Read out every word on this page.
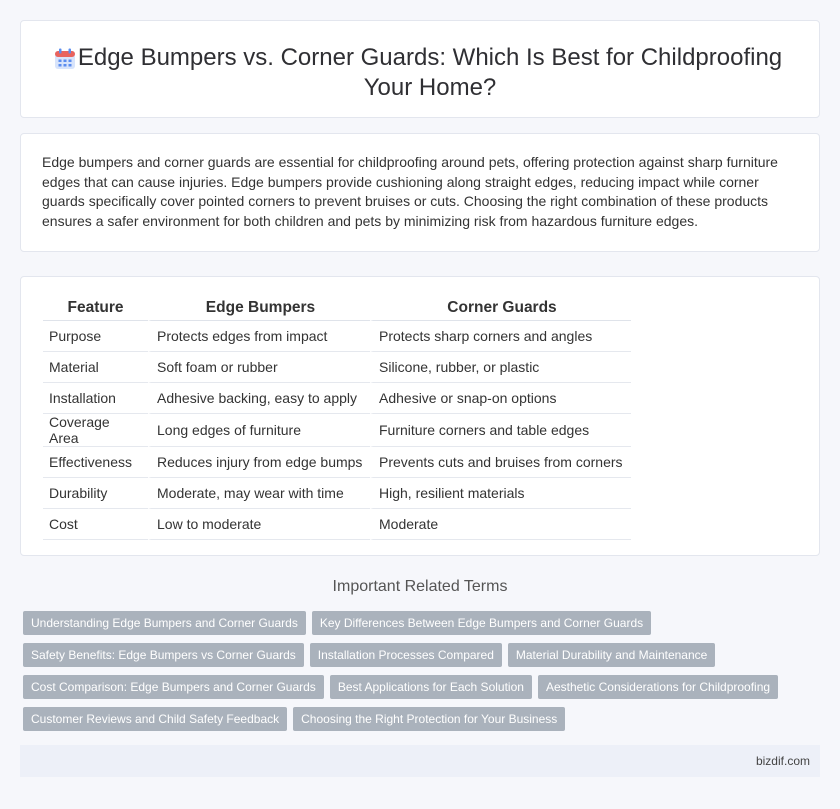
Edge Bumpers vs. Corner Guards: Which Is Best for Childproofing Your Home?

Edge bumpers and corner guards are essential for childproofing around pets, offering protection against sharp furniture edges that can cause injuries. Edge bumpers provide cushioning along straight edges, reducing impact while corner guards specifically cover pointed corners to prevent bruises or cuts. Choosing the right combination of these products ensures a safer environment for both children and pets by minimizing risk from hazardous furniture edges.

Feature	Edge Bumpers	Corner Guards
Purpose	Protects edges from impact	Protects sharp corners and angles
Material	Soft foam or rubber	Silicone, rubber, or plastic
Installation	Adhesive backing, easy to apply	Adhesive or snap-on options
Coverage Area	Long edges of furniture	Furniture corners and table edges
Effectiveness	Reduces injury from edge bumps	Prevents cuts and bruises from corners
Durability	Moderate, may wear with time	High, resilient materials
Cost	Low to moderate	Moderate
Important Related Terms
Understanding Edge Bumpers and Corner Guards Key Differences Between Edge Bumpers and Corner Guards
Safety Benefits: Edge Bumpers vs Corner Guards Installation Processes Compared Material Durability and Maintenance
Cost Comparison: Edge Bumpers and Corner Guards Best Applications for Each Solution Aesthetic Considerations for Childproofing
Customer Reviews and Child Safety Feedback Choosing the Right Protection for Your Business
bizdif.com
